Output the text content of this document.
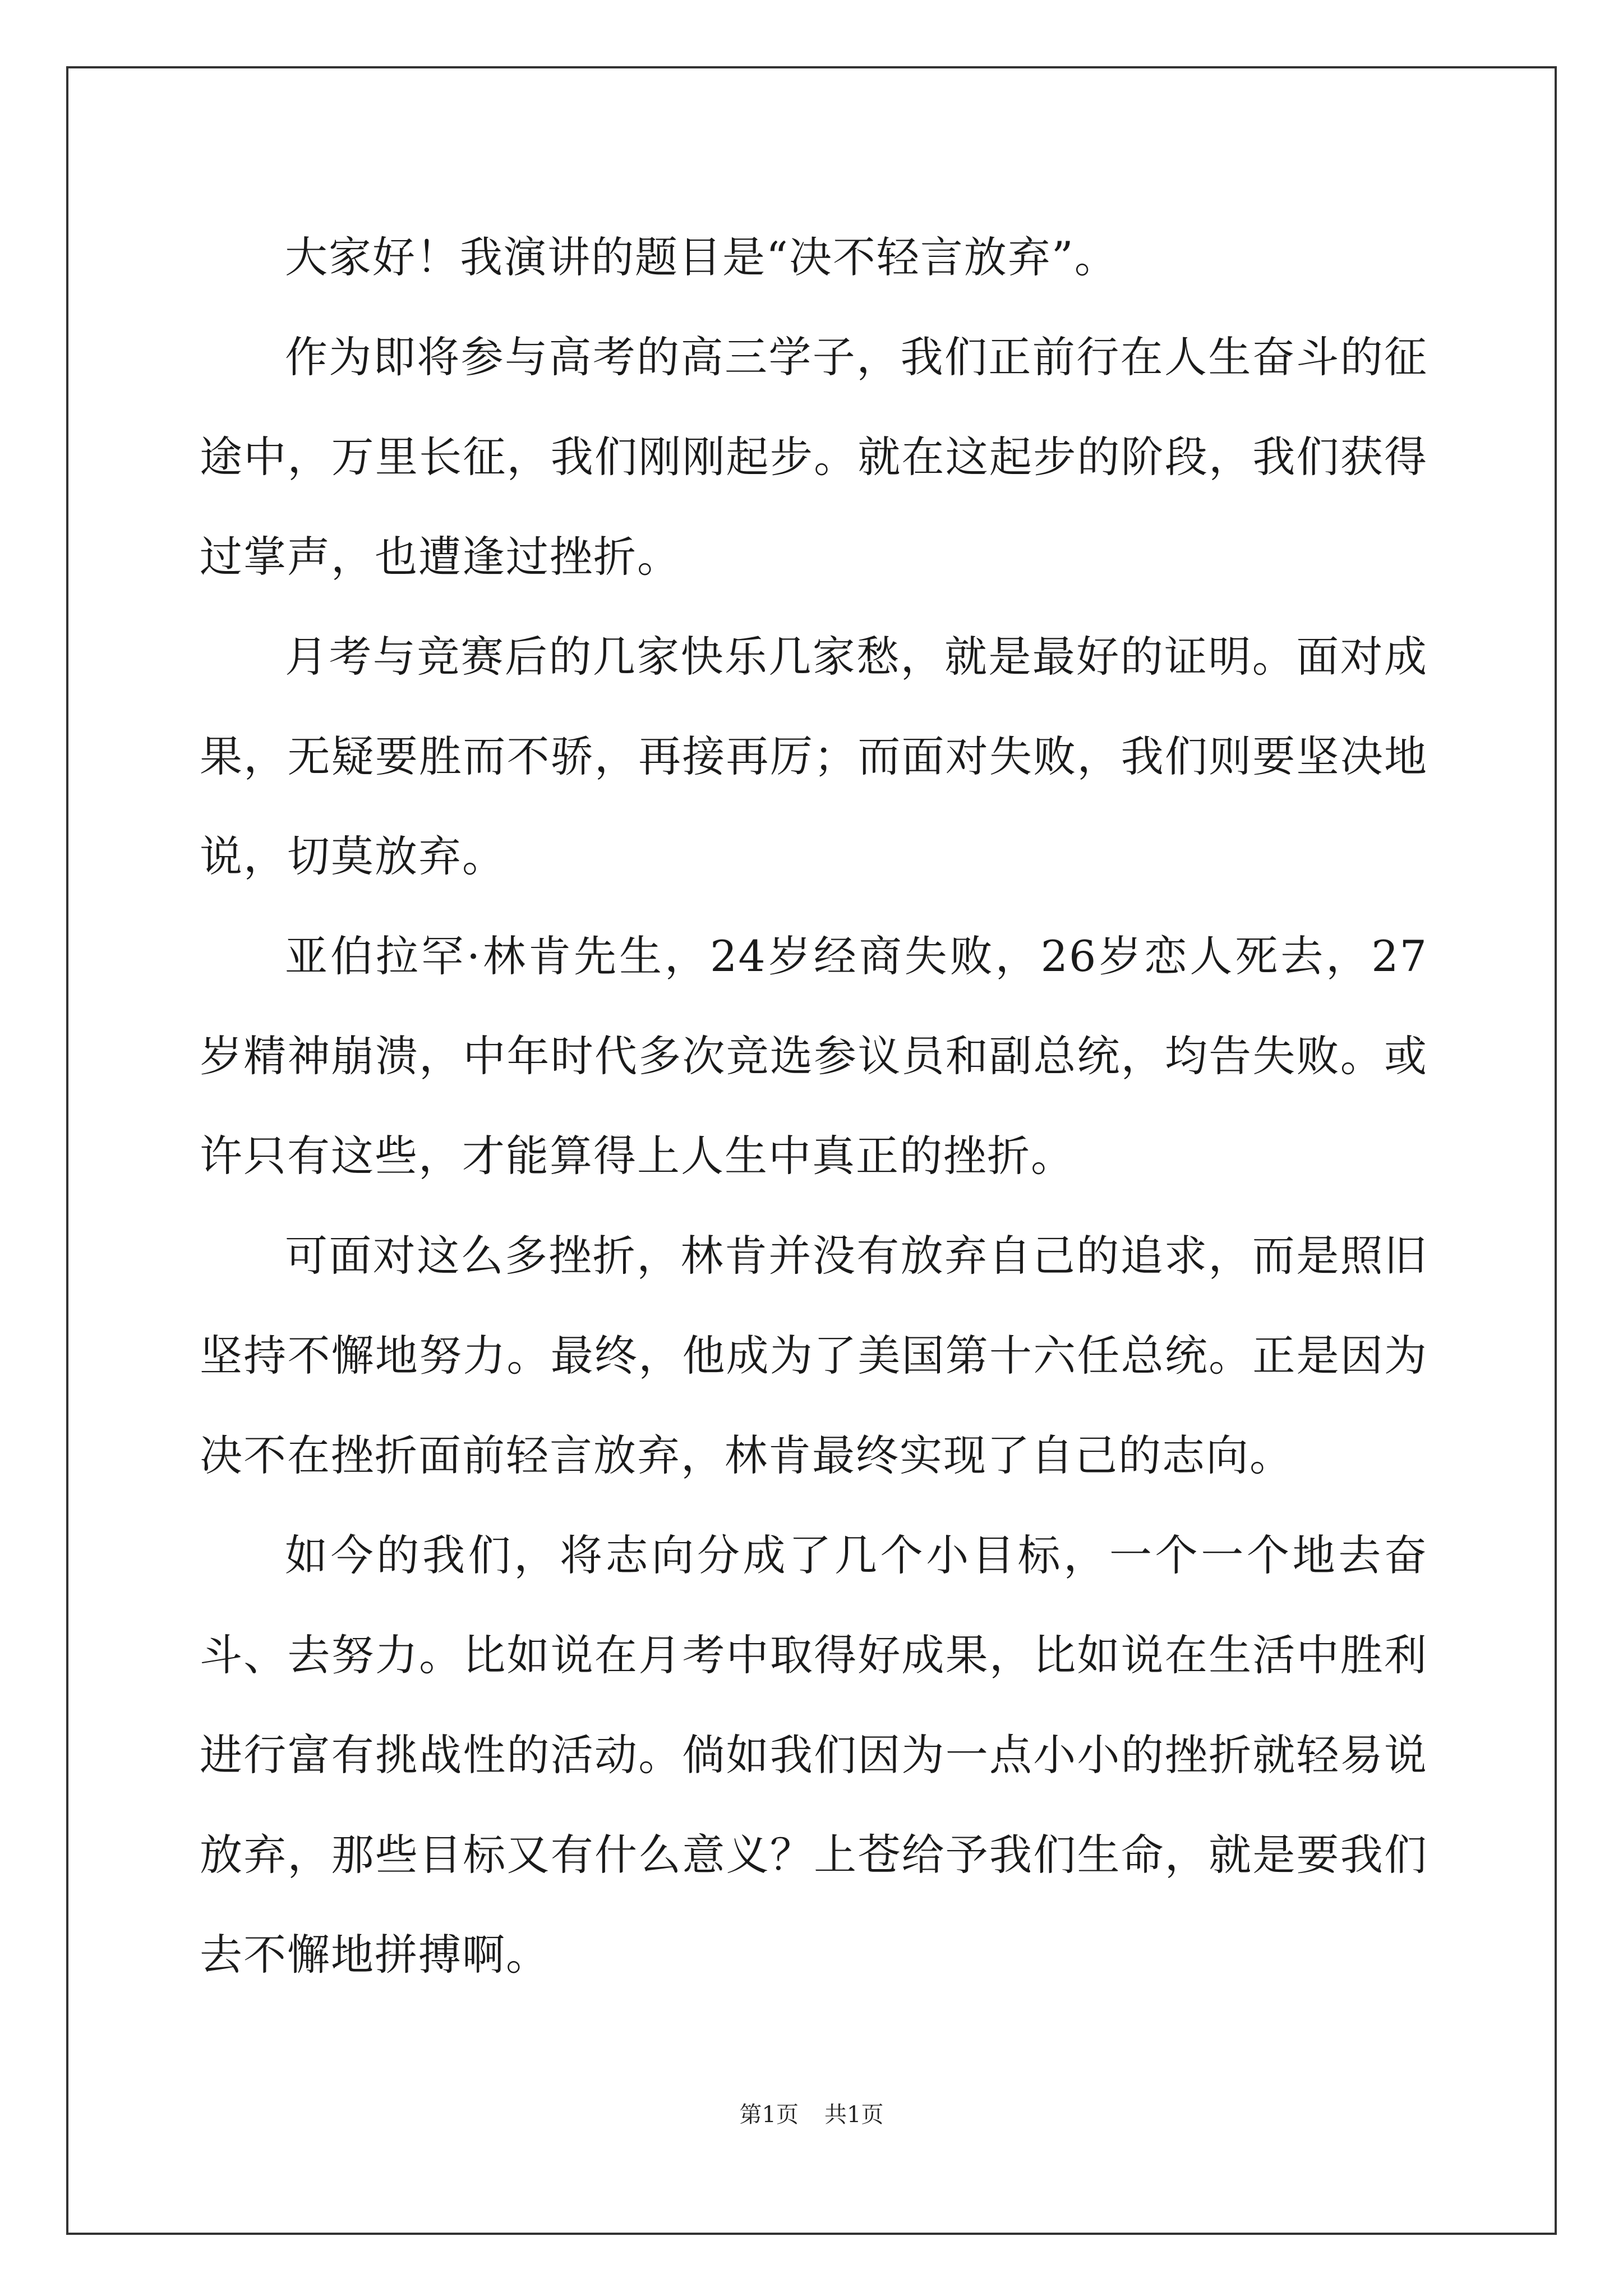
大家好！我演讲的题目是“决不轻言放弃”。

作为即将参与高考的高三学子，我们正前行在人生奋斗的征途中，万里长征，我们刚刚起步。就在这起步的阶段，我们获得过掌声，也遭逢过挫折。

月考与竞赛后的几家快乐几家愁，就是最好的证明。面对成果，无疑要胜而不骄，再接再厉；而面对失败，我们则要坚决地说，切莫放弃。

亚伯拉罕·林肯先生，24岁经商失败，26岁恋人死去，27岁精神崩溃，中年时代多次竞选参议员和副总统，均告失败。或许只有这些，才能算得上人生中真正的挫折。

可面对这么多挫折，林肯并没有放弃自己的追求，而是照旧坚持不懈地努力。最终，他成为了美国第十六任总统。正是因为决不在挫折面前轻言放弃，林肯最终实现了自己的志向。

如今的我们，将志向分成了几个小目标，一个一个地去奋斗、去努力。比如说在月考中取得好成果，比如说在生活中胜利进行富有挑战性的活动。倘如我们因为一点小小的挫折就轻易说放弃，那些目标又有什么意义？上苍给予我们生命，就是要我们去不懈地拼搏啊。

第1页 共1页
